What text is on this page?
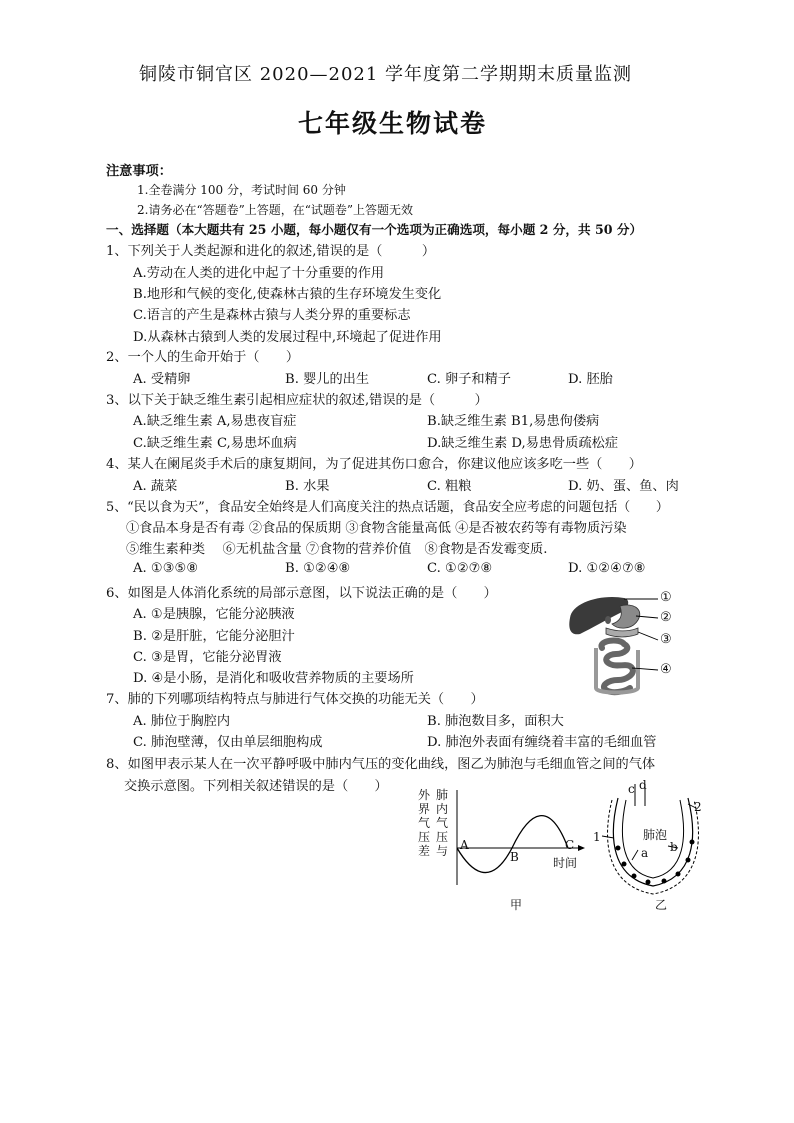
铜陵市铜官区 2020—2021 学年度第二学期期末质量监测
七年级生物试卷
注意事项：
1.全卷满分 100 分，考试时间 60 分钟
2.请务必在“答题卷”上答题，在“试题卷”上答题无效
一、选择题（本大题共有 25 小题，每小题仅有一个选项为正确选项，每小题 2 分，共 50 分）
1、下列关于人类起源和进化的叙述,错误的是（　　　）
A.劳动在人类的进化中起了十分重要的作用
B.地形和气候的变化,使森林古猿的生存环境发生变化
C.语言的产生是森林古猿与人类分界的重要标志
D.从森林古猿到人类的发展过程中,环境起了促进作用
2、一个人的生命开始于（　　）
A. 受精卵	B. 婴儿的出生	C. 卵子和精子	D. 胚胎
3、以下关于缺乏维生素引起相应症状的叙述,错误的是（　　　）
A.缺乏维生素 A,易患夜盲症	B.缺乏维生素 B1,易患佝偻病
C.缺乏维生素 C,易患坏血病	D.缺乏维生素 D,易患骨质疏松症
4、某人在阑尾炎手术后的康复期间，为了促进其伤口愈合，你建议他应该多吃一些（　　）
A. 蔬菜	B. 水果	C. 粗粮	D. 奶、蛋、鱼、肉
5、“民以食为天”，食品安全始终是人们高度关注的热点话题，食品安全应考虑的问题包括（　　）
①食品本身是否有毒 ②食品的保质期 ③食物含能量高低 ④是否被农药等有毒物质污染
⑤维生素种类　 ⑥无机盐含量 ⑦食物的营养价值　⑧食物是否发霉变质.
A. ①③⑤⑧	B. ①②④⑧	C. ①②⑦⑧	D. ①②④⑦⑧
6、如图是人体消化系统的局部示意图，以下说法正确的是（　　）
A. ①是胰腺，它能分泌胰液
B. ②是肝脏，它能分泌胆汁
C. ③是胃，它能分泌胃液
D. ④是小肠，是消化和吸收营养物质的主要场所
①
②
③
④
7、肺的下列哪项结构特点与肺进行气体交换的功能无关（　　）
A. 肺位于胸腔内	B. 肺泡数目多，面积大
C. 肺泡壁薄，仅由单层细胞构成	D. 肺泡外表面有缠绕着丰富的毛细血管
8、如图甲表示某人在一次平静呼吸中肺内气压的变化曲线，图乙为肺泡与毛细血管之间的气体
交换示意图。下列相关叙述错误的是（　　）
外界气压差
肺内气压与 A
B
C
时间
甲
c d
2
1	肺泡
a b
乙
